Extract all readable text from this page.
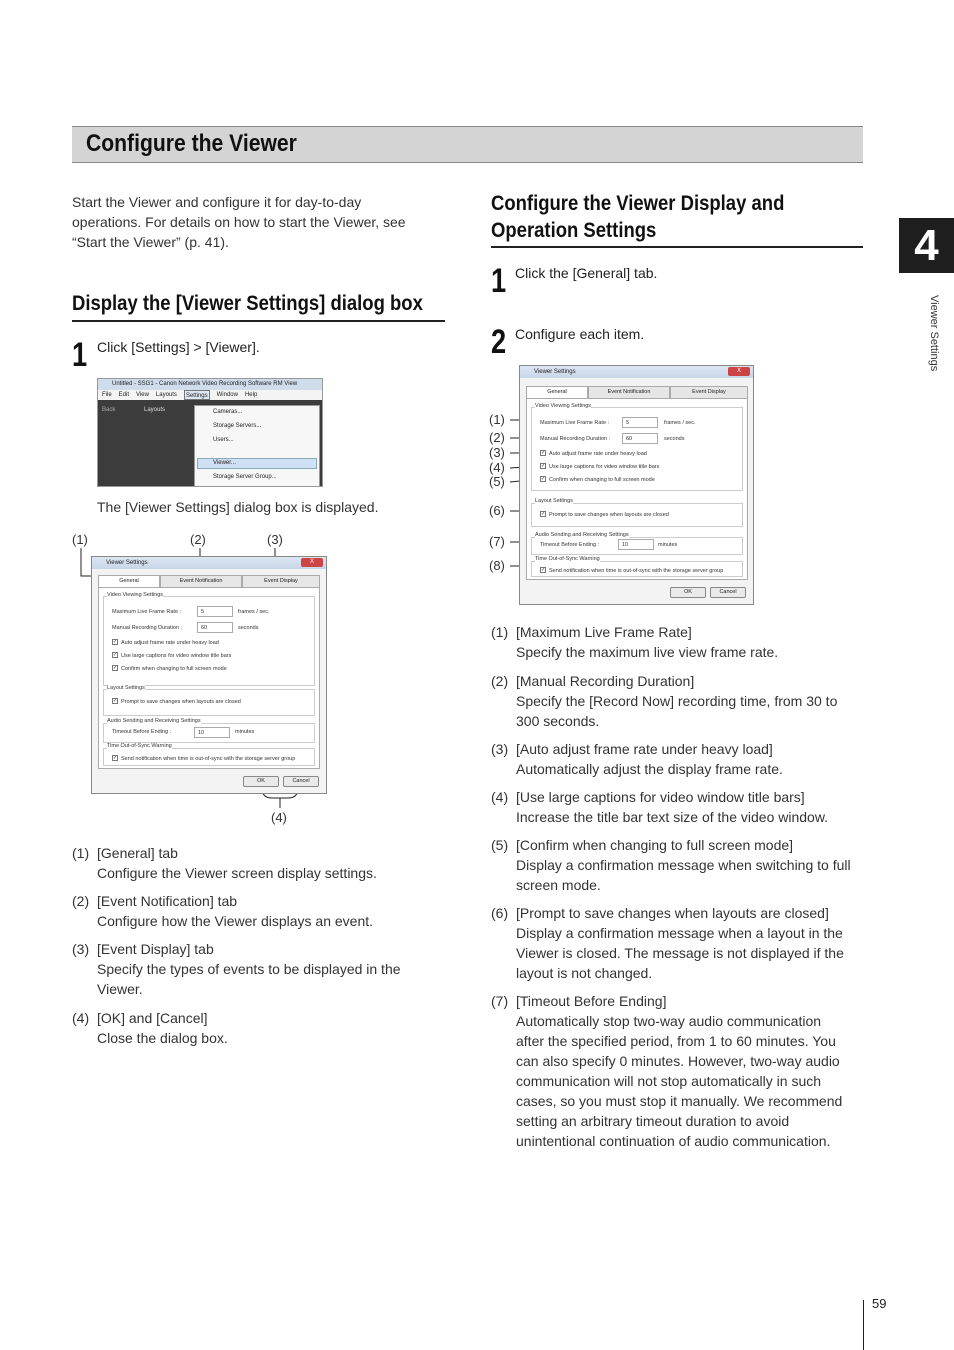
Configure the Viewer
4
Viewer Settings
Start the Viewer and configure it for day-to-day operations. For details on how to start the Viewer, see “Start the Viewer” (p. 41).
Display the [Viewer Settings] dialog box
1 Click [Settings] > [Viewer].
Untitled - SSG1 - Canon Network Video Recording Software RM View
File Edit View Layouts	Settings	Window Help
Back	Layouts	Cameras...
Storage Servers...
Users...
Viewer...
Storage Server Group...
The [Viewer Settings] dialog box is displayed.
(1)	(2)	(3)
(4)
Viewer Settings	X
General	Event Notification	Event Display
Video Viewing Settings
Maximum Live Frame Rate :	5	frames / sec.
Manual Recording Duration :	60	seconds
✓ Auto adjust frame rate under heavy load
✓ Use large captions for video window title bars
✓ Confirm when changing to full screen mode
Layout Settings
✓ Prompt to save changes when layouts are closed
Audio Sending and Receiving Settings
Timeout Before Ending :	10	minutes
Time Out-of-Sync Warning
✓ Send notification when time is out-of-sync with the storage server group
OK	Cancel
(1) [General] tab
Configure the Viewer screen display settings.
(2) [Event Notification] tab
Configure how the Viewer displays an event.
(3) [Event Display] tab
Specify the types of events to be displayed in the Viewer.
(4) [OK] and [Cancel]
Close the dialog box.
Configure the Viewer Display and Operation Settings
1 Click the [General] tab.
2 Configure each item.
(1)
(2)
(3)
(4)
(5)
(6)
(7)
(8)
Viewer Settings	X
General	Event Notification	Event Display
Video Viewing Settings
Maximum Live Frame Rate :	5	frames / sec.
Manual Recording Duration :	60	seconds
✓ Auto adjust frame rate under heavy load
✓ Use large captions for video window title bars
✓ Confirm when changing to full screen mode
Layout Settings
✓ Prompt to save changes when layouts are closed
Audio Sending and Receiving Settings
Timeout Before Ending :	10	minutes
Time Out-of-Sync Warning
✓ Send notification when time is out-of-sync with the storage server group
OK	Cancel
(1) [Maximum Live Frame Rate]
Specify the maximum live view frame rate.
(2) [Manual Recording Duration]
Specify the [Record Now] recording time, from 30 to 300 seconds.
(3) [Auto adjust frame rate under heavy load]
Automatically adjust the display frame rate.
(4) [Use large captions for video window title bars]
Increase the title bar text size of the video window.
(5) [Confirm when changing to full screen mode]
Display a confirmation message when switching to full screen mode.
(6) [Prompt to save changes when layouts are closed]
Display a confirmation message when a layout in the Viewer is closed. The message is not displayed if the layout is not changed.
(7) [Timeout Before Ending]
Automatically stop two-way audio communication after the specified period, from 1 to 60 minutes. You can also specify 0 minutes. However, two-way audio communication will not stop automatically in such cases, so you must stop it manually. We recommend setting an arbitrary timeout duration to avoid unintentional continuation of audio communication.
59
